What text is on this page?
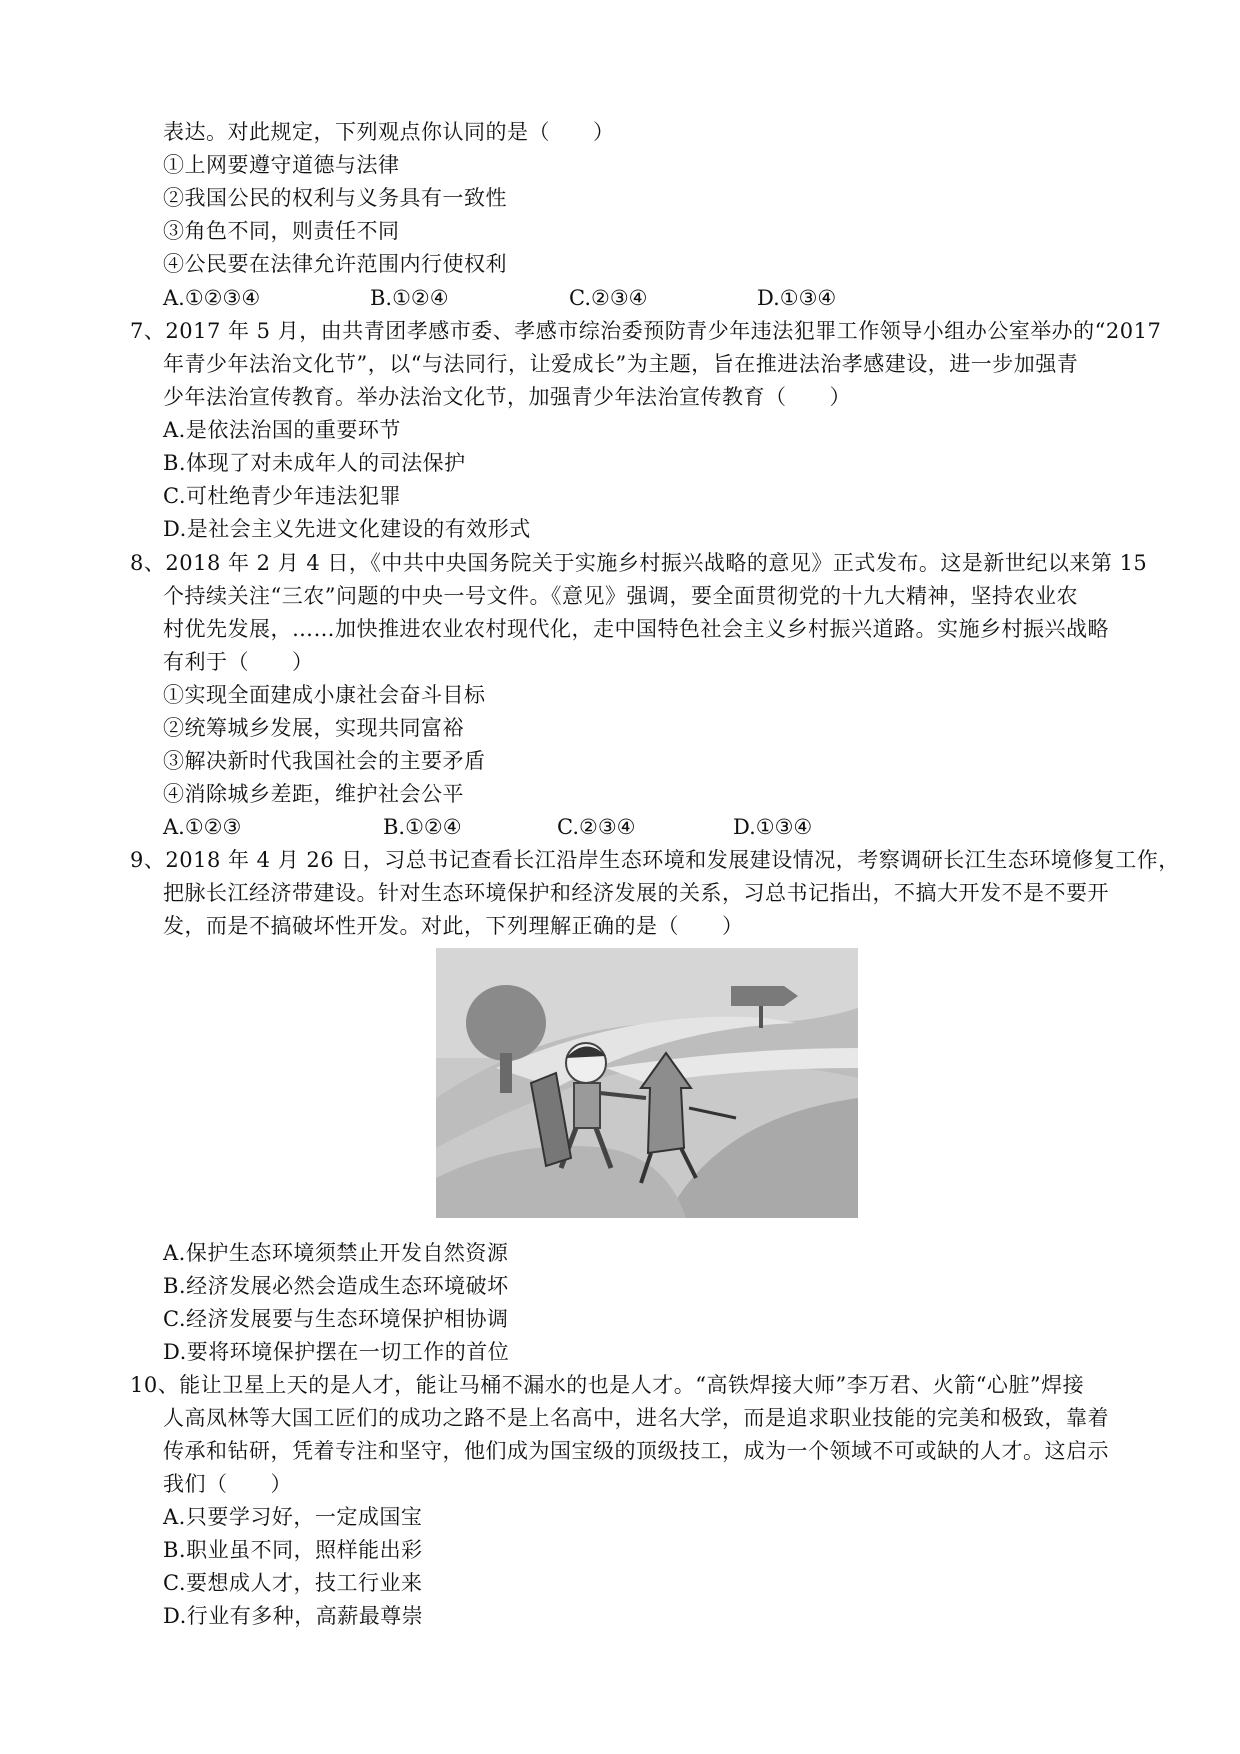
表达。对此规定，下列观点你认同的是（　　）
①上网要遵守道德与法律
②我国公民的权利与义务具有一致性
③角色不同，则责任不同
④公民要在法律允许范围内行使权利
A.①②③④	B.①②④	C.②③④	D.①③④
7、2017 年 5 月，由共青团孝感市委、孝感市综治委预防青少年违法犯罪工作领导小组办公室举办的“2017
年青少年法治文化节”，以“与法同行，让爱成长”为主题，旨在推进法治孝感建设，进一步加强青
少年法治宣传教育。举办法治文化节，加强青少年法治宣传教育（　　）
A.是依法治国的重要环节
B.体现了对未成年人的司法保护
C.可杜绝青少年违法犯罪
D.是社会主义先进文化建设的有效形式
8、2018 年 2 月 4 日，《中共中央国务院关于实施乡村振兴战略的意见》正式发布。这是新世纪以来第 15
个持续关注“三农”问题的中央一号文件。《意见》强调，要全面贯彻党的十九大精神，坚持农业农
村优先发展，……加快推进农业农村现代化，走中国特色社会主义乡村振兴道路。实施乡村振兴战略
有利于（　　）
①实现全面建成小康社会奋斗目标
②统筹城乡发展，实现共同富裕
③解决新时代我国社会的主要矛盾
④消除城乡差距，维护社会公平
A.①②③	B.①②④	C.②③④	D.①③④
9、2018 年 4 月 26 日，习总书记查看长江沿岸生态环境和发展建设情况，考察调研长江生态环境修复工作，
把脉长江经济带建设。针对生态环境保护和经济发展的关系，习总书记指出，不搞大开发不是不要开
发，而是不搞破坏性开发。对此，下列理解正确的是（　　）
A.保护生态环境须禁止开发自然资源
B.经济发展必然会造成生态环境破坏
C.经济发展要与生态环境保护相协调
D.要将环境保护摆在一切工作的首位
10、能让卫星上天的是人才，能让马桶不漏水的也是人才。“高铁焊接大师”李万君、火箭“心脏”焊接
人高凤林等大国工匠们的成功之路不是上名高中，进名大学，而是追求职业技能的完美和极致，靠着
传承和钻研，凭着专注和坚守，他们成为国宝级的顶级技工，成为一个领域不可或缺的人才。这启示
我们（　　）
A.只要学习好，一定成国宝
B.职业虽不同，照样能出彩
C.要想成人才，技工行业来
D.行业有多种，高薪最尊崇
